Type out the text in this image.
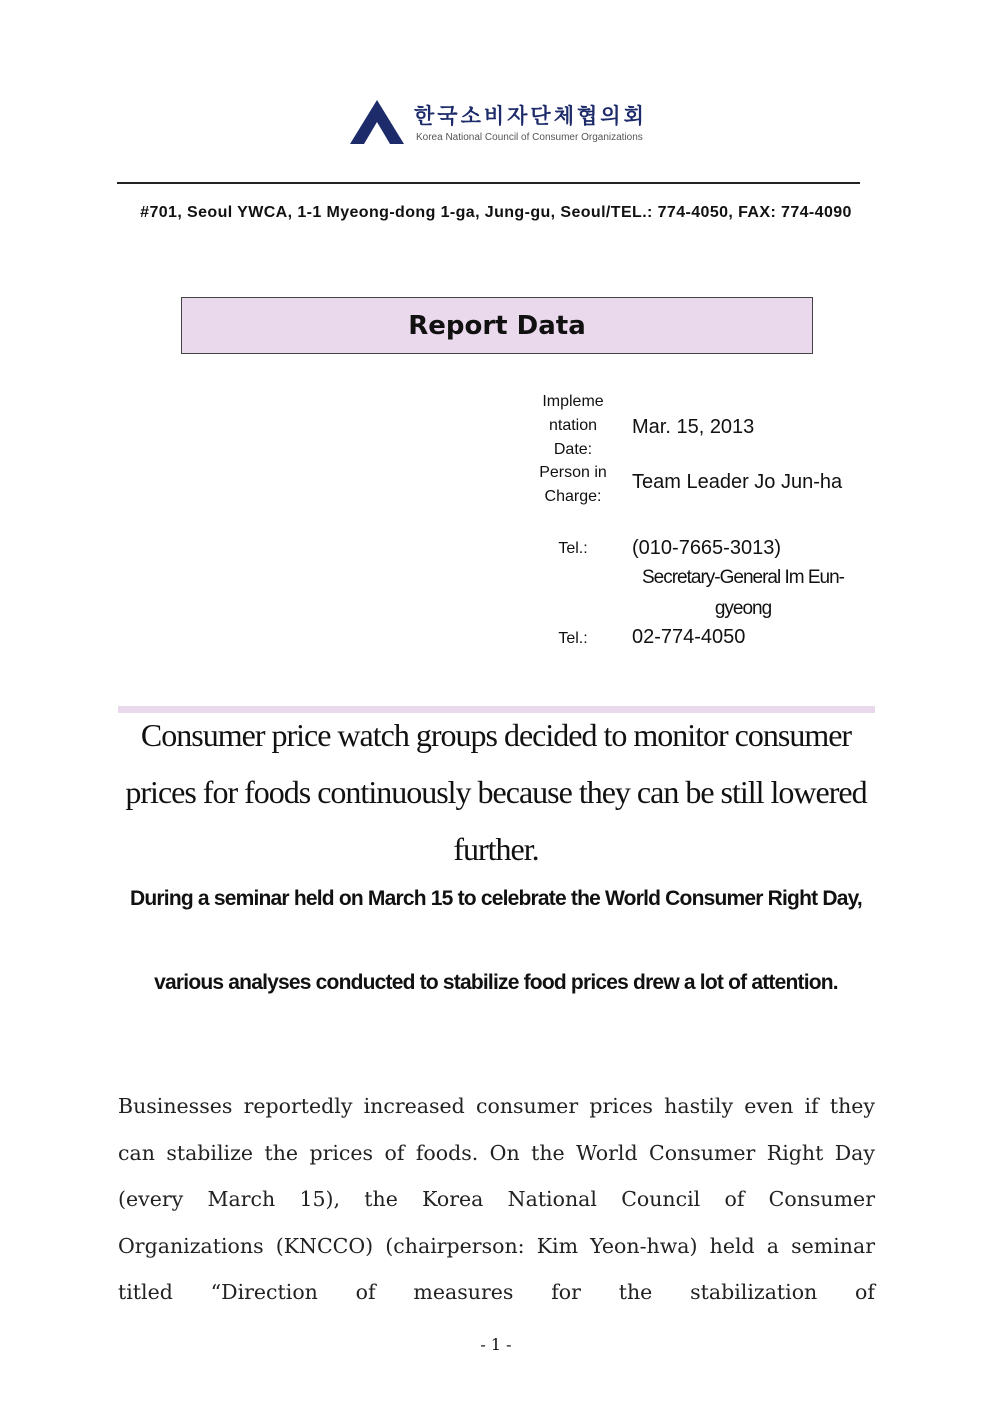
한국소비자단체협의회
Korea National Council of Consumer Organizations
#701, Seoul YWCA, 1-1 Myeong-dong 1-ga, Jung-gu, Seoul/TEL.: 774-4050, FAX: 774-4090
Report Data
Impleme ntation Date:
Mar. 15, 2013
Person in Charge:
Team Leader Jo Jun-ha
Tel.:	(010-7665-3013)
Secretary-General Im Eun-gyeong
Tel.:	02-774-4050
Consumer price watch groups decided to monitor consumer prices for foods continuously because they can be still lowered further.
During a seminar held on March 15 to celebrate the World Consumer Right Day,
various analyses conducted to stabilize food prices drew a lot of attention.
Businesses reportedly increased consumer prices hastily even if they can stabilize the prices of foods. On the World Consumer Right Day (every March 15), the Korea National Council of Consumer Organizations (KNCCO) (chairperson: Kim Yeon-hwa) held a seminar titled “Direction of measures for the stabilization of
- 1 -
